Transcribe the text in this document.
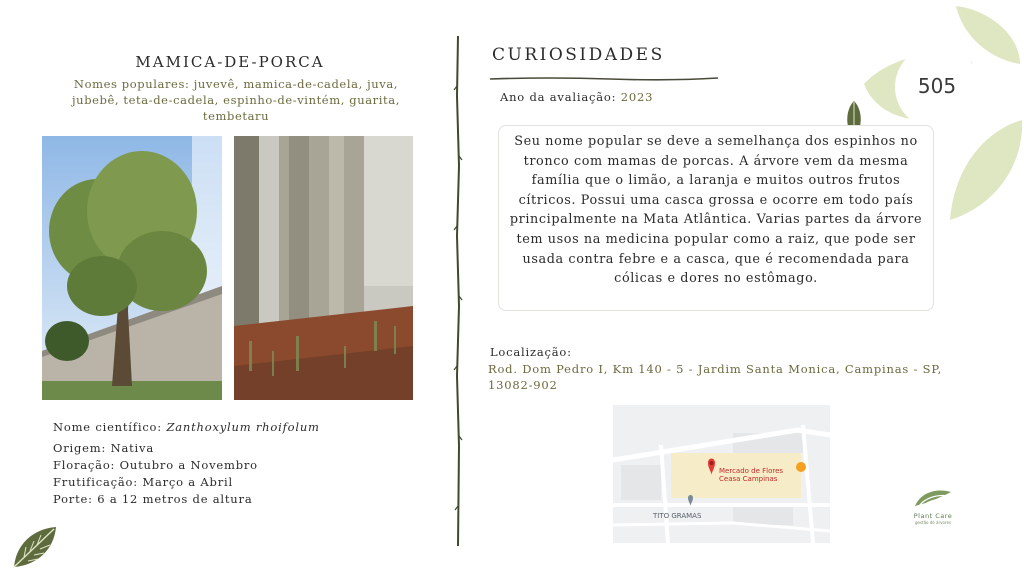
MAMICA-DE-PORCA
Nomes populares: juvevê, mamica-de-cadela, juva, jubebê, teta-de-cadela, espinho-de-vintém, guarita, tembetaru
Nome científico: Zanthoxylum rhoifolum
Origem: Nativa
Floração: Outubro a Novembro
Frutificação: Março a Abril
Porte: 6 a 12 metros de altura
CURIOSIDADES
Ano da avaliação: 2023	505
Seu nome popular se deve a semelhança dos espinhos no tronco com mamas de porcas. A árvore vem da mesma família que o limão, a laranja e muitos outros frutos cítricos. Possui uma casca grossa e ocorre em todo país principalmente na Mata Atlântica. Varias partes da árvore tem usos na medicina popular como a raiz, que pode ser usada contra febre e a casca, que é recomendada para cólicas e dores no estômago.
Localização:
Rod. Dom Pedro I, Km 140 - 5 - Jardim Santa Monica, Campinas - SP, 13082-902
Mercado de Flores
Ceasa Campinas
TITO GRAMAS	Plant Care
gestão de árvores
